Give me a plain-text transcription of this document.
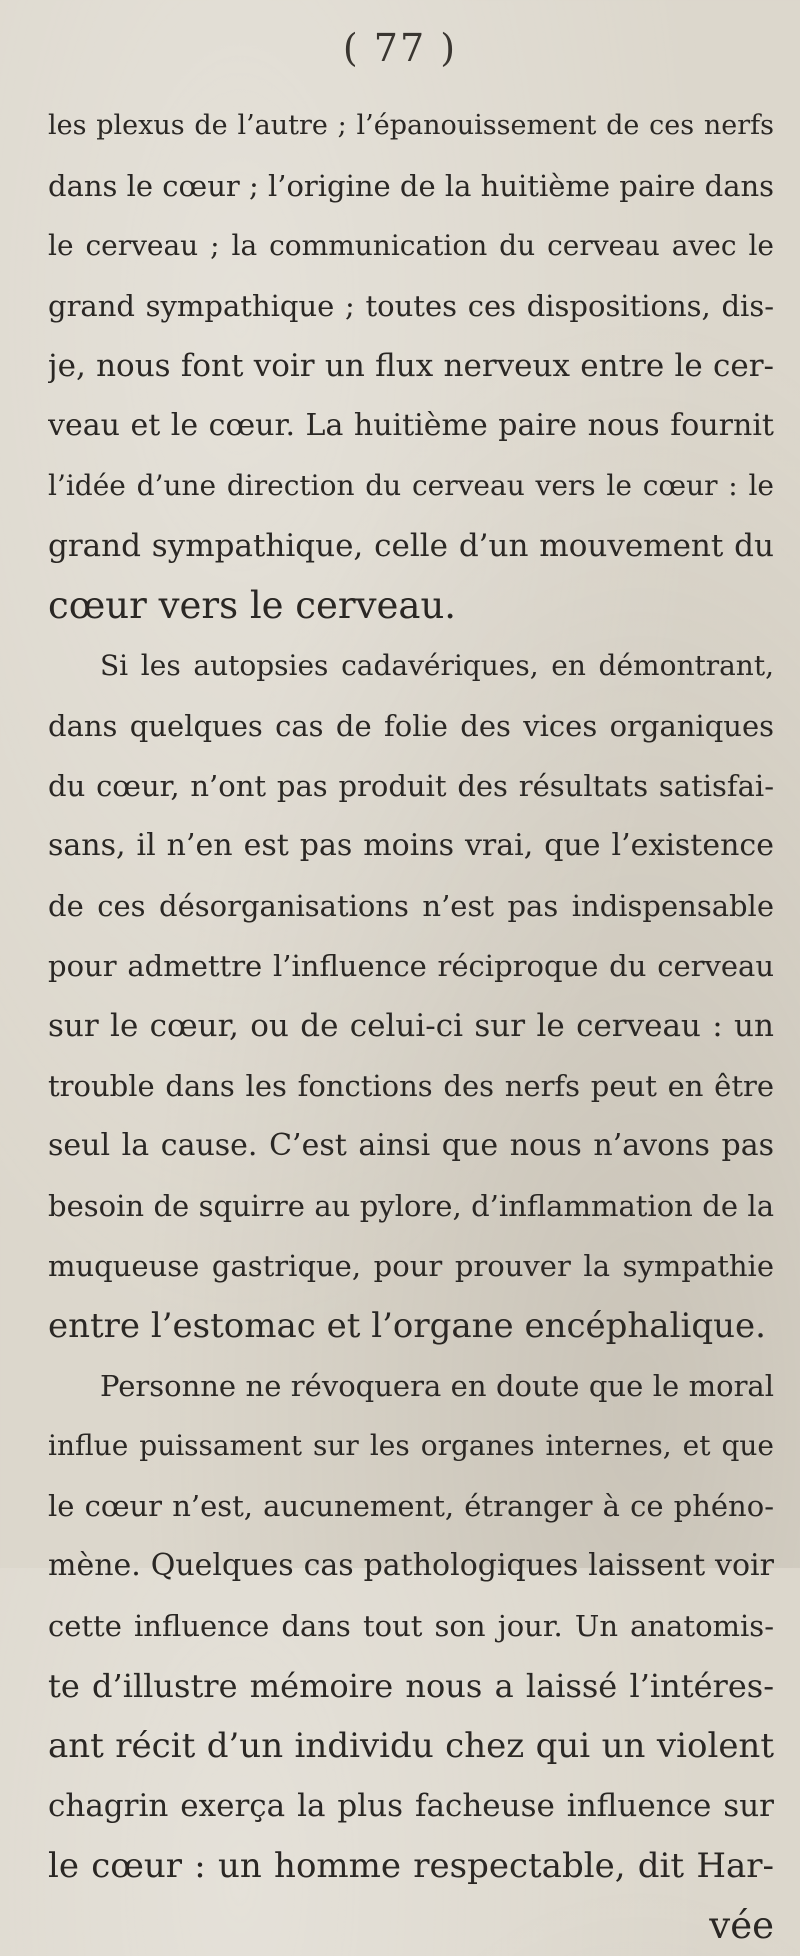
( 77 )
les plexus de l’autre ; l’épanouissement de ces nerfs
dans le cœur ; l’origine de la huitième paire dans
le cerveau ; la communication du cerveau avec le
grand sympathique ; toutes ces dispositions, dis-
je, nous font voir un flux nerveux entre le cer-
veau et le cœur. La huitième paire nous fournit
l’idée d’une direction du cerveau vers le cœur : le
grand sympathique, celle d’un mouvement du
cœur vers le cerveau.
Si les autopsies cadavériques, en démontrant,
dans quelques cas de folie des vices organiques
du cœur, n’ont pas produit des résultats satisfai-
sans, il n’en est pas moins vrai, que l’existence
de ces désorganisations n’est pas indispensable
pour admettre l’influence réciproque du cerveau
sur le cœur, ou de celui-ci sur le cerveau : un
trouble dans les fonctions des nerfs peut en être
seul la cause. C’est ainsi que nous n’avons pas
besoin de squirre au pylore, d’inflammation de la
muqueuse gastrique, pour prouver la sympathie
entre l’estomac et l’organe encéphalique.
Personne ne révoquera en doute que le moral
influe puissament sur les organes internes, et que
le cœur n’est, aucunement, étranger à ce phéno-
mène. Quelques cas pathologiques laissent voir
cette influence dans tout son jour. Un anatomis-
te d’illustre mémoire nous a laissé l’intéres-
ant récit d’un individu chez qui un violent
chagrin exerça la plus facheuse influence sur
le cœur : un homme respectable, dit Har-
vée
